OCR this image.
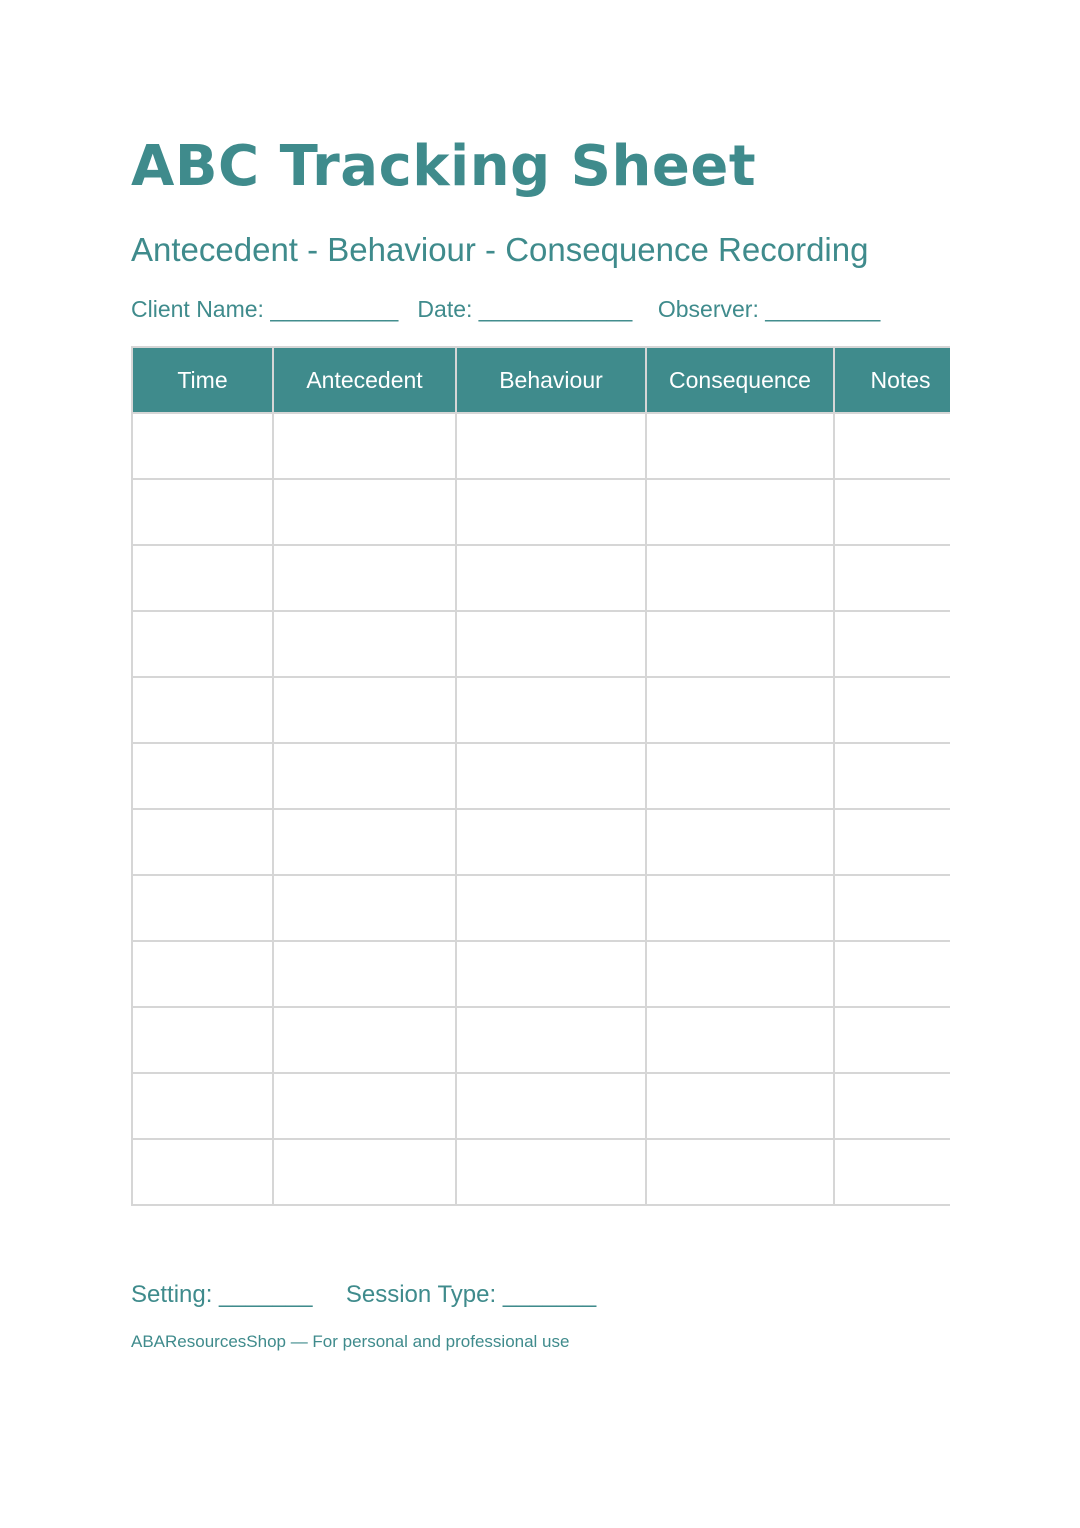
ABC Tracking Sheet
Antecedent - Behaviour - Consequence Recording
Client Name: __________ Date: ____________ Observer: _________
Time	Antecedent	Behaviour	Consequence	Notes

Setting: _______ Session Type: _______
ABAResourcesShop — For personal and professional use
